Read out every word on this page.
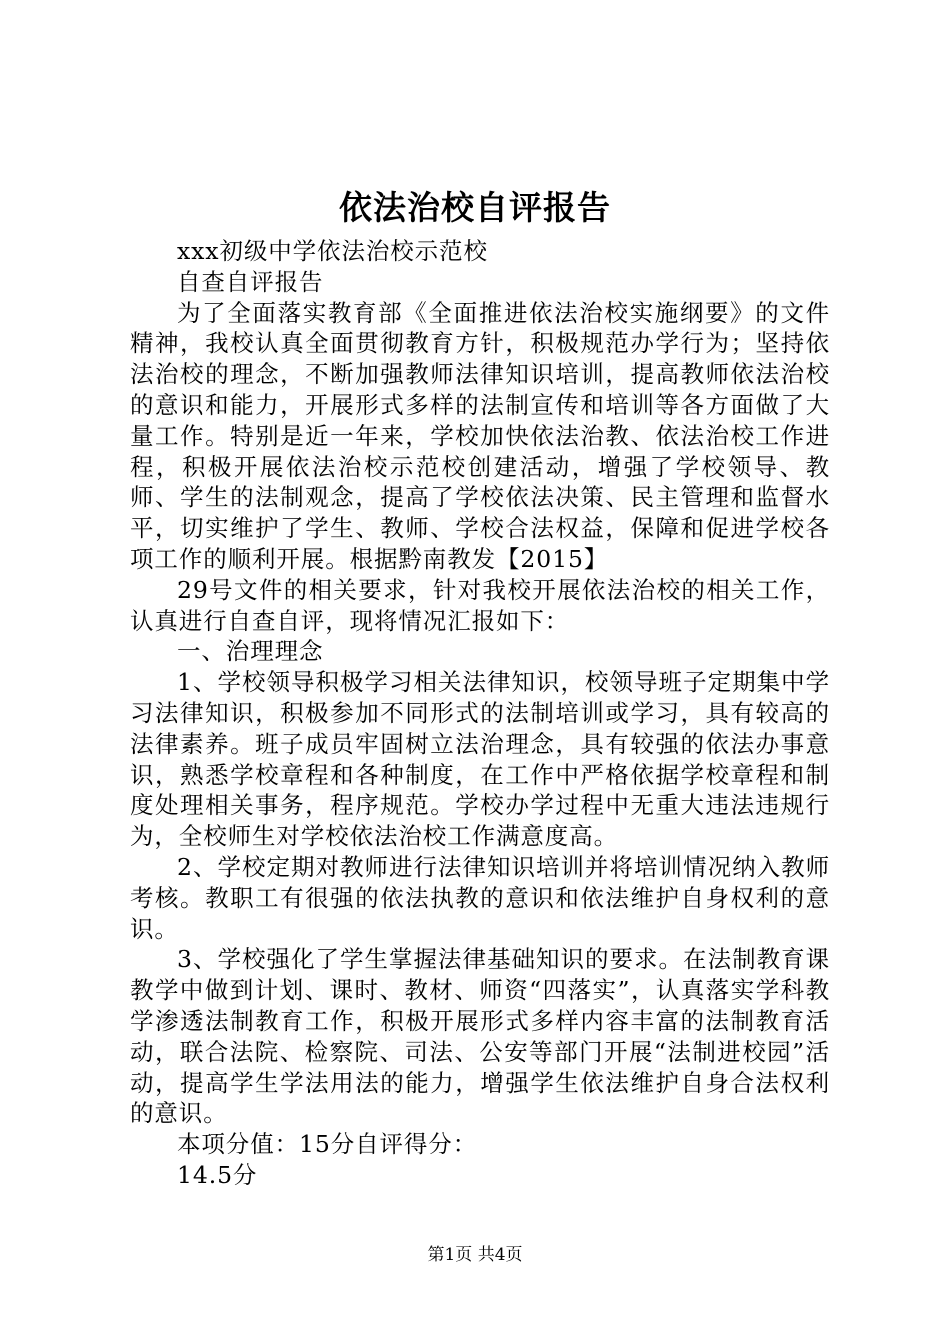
依法治校自评报告

xxx初级中学依法治校示范校

自查自评报告

为了全面落实教育部《全面推进依法治校实施纲要》的文件精神，我校认真全面贯彻教育方针，积极规范办学行为；坚持依法治校的理念，不断加强教师法律知识培训，提高教师依法治校的意识和能力，开展形式多样的法制宣传和培训等各方面做了大量工作。特别是近一年来，学校加快依法治教、依法治校工作进程，积极开展依法治校示范校创建活动，增强了学校领导、教师、学生的法制观念，提高了学校依法决策、民主管理和监督水平，切实维护了学生、教师、学校合法权益，保障和促进学校各项工作的顺利开展。根据黔南教发【2015】

29号文件的相关要求，针对我校开展依法治校的相关工作，认真进行自查自评，现将情况汇报如下：

一、治理理念

1、学校领导积极学习相关法律知识，校领导班子定期集中学习法律知识，积极参加不同形式的法制培训或学习，具有较高的法律素养。班子成员牢固树立法治理念，具有较强的依法办事意识，熟悉学校章程和各种制度，在工作中严格依据学校章程和制度处理相关事务，程序规范。学校办学过程中无重大违法违规行为，全校师生对学校依法治校工作满意度高。

2、学校定期对教师进行法律知识培训并将培训情况纳入教师考核。教职工有很强的依法执教的意识和依法维护自身权利的意识。

3、学校强化了学生掌握法律基础知识的要求。在法制教育课教学中做到计划、课时、教材、师资“四落实”，认真落实学科教学渗透法制教育工作，积极开展形式多样内容丰富的法制教育活动，联合法院、检察院、司法、公安等部门开展“法制进校园”活动，提高学生学法用法的能力，增强学生依法维护自身合法权利的意识。

本项分值：15分自评得分：

14.5分

第1页 共4页
